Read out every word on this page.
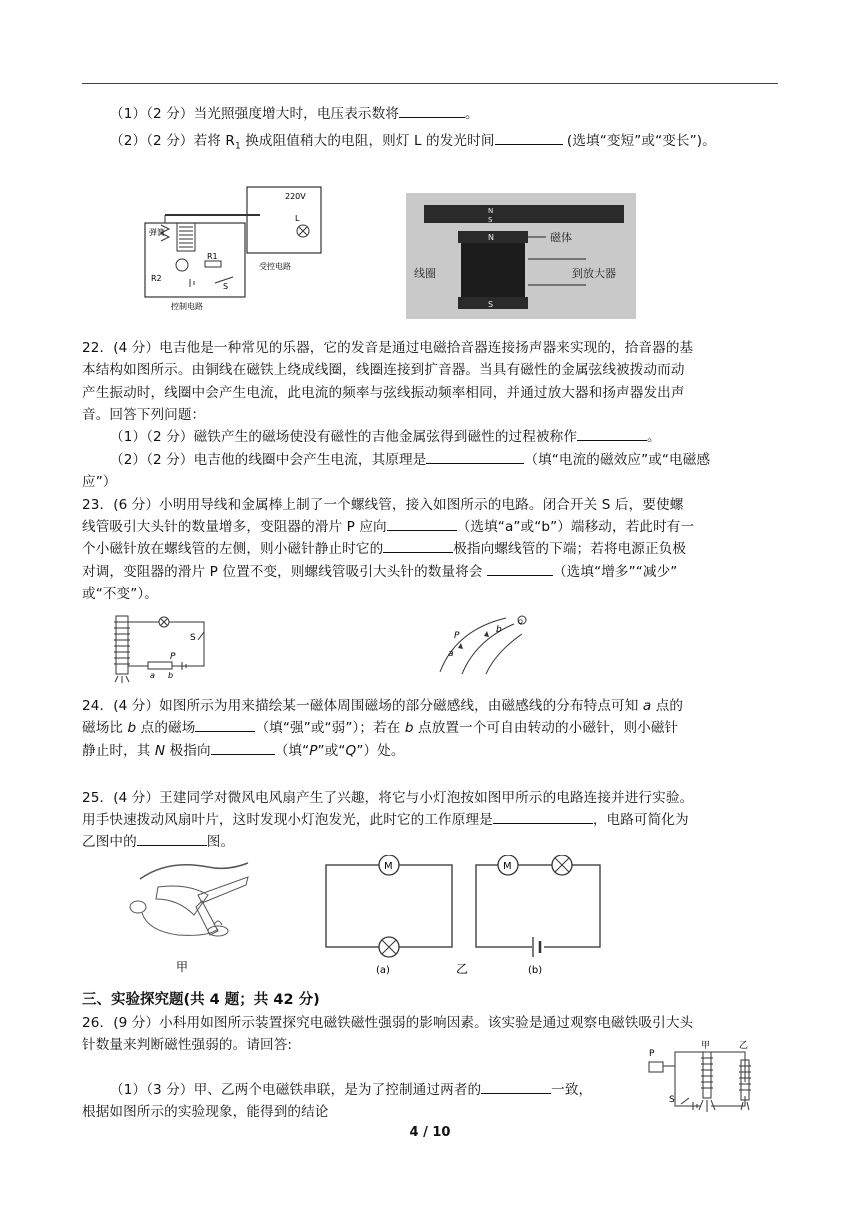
（1）（2 分）当光照强度增大时，电压表示数将	。
（2）（2 分）若将 $R_1$ 换成阻值稍大的电阻，则灯 L 的发光时间	(选填“变短”或“变长”)。
220V
弹簧
R1
R2
S
L
控制电路
受控电路
N
S
N
S
磁体
线圈	到放大器
22．(4 分）电吉他是一种常见的乐器，它的发音是通过电磁拾音器连接扬声器来实现的，拾音器的基
本结构如图所示。由铜线在磁铁上绕成线圈，线圈连接到扩音器。当具有磁性的金属弦线被拨动而动
产生振动时，线圈中会产生电流，此电流的频率与弦线振动频率相同，并通过放大器和扬声器发出声
音。回答下列问题：
（1）（2 分）磁铁产生的磁场使没有磁性的吉他金属弦得到磁性的过程被称作	。
（2）（2 分）电吉他的线圈中会产生电流，其原理是	（填“电流的磁效应”或“电磁感
应”）
23．(6 分）小明用导线和金属棒上制了一个螺线管，接入如图所示的电路。闭合开关 S 后，要使螺
线管吸引大头针的数量增多，变阻器的滑片 P 应向	（选填“a”或“b”）端移动，若此时有一
个小磁针放在螺线管的左侧，则小磁针静止时它的	极指向螺线管的下端；若将电源正负极
对调，变阻器的滑片 P 位置不变，则螺线管吸引大头针的数量将会	（选填“增多”“减少”
或“不变”）。
S
P
a b
P
b
a
Q
24．(4 分）如图所示为用来描绘某一磁体周围磁场的部分磁感线，由磁感线的分布特点可知 a 点的
磁场比 b 点的磁场	（填“强”或“弱”）；若在 b 点放置一个可自由转动的小磁针，则小磁针
静止时，其 N 极指向	（填“P”或“Q”）处。
25．(4 分）王建同学对微风电风扇产生了兴趣，将它与小灯泡按如图甲所示的电路连接并进行实验。
用手快速拨动风扇叶片，这时发现小灯泡发光，此时它的工作原理是	，电路可简化为
乙图中的	图。
甲
M
(a)	乙
M
(b)
三、实验探究题(共 4 题；共 42 分)
26．(9 分）小科用如图所示装置探究电磁铁磁性强弱的影响因素。该实验是通过观察电磁铁吸引大头
针数量来判断磁性强弱的。请回答:
（1）（3 分）甲、乙两个电磁铁串联，是为了控制通过两者的	一致，
根据如图所示的实验现象，能得到的结论
P
甲	乙
S
4 / 10
